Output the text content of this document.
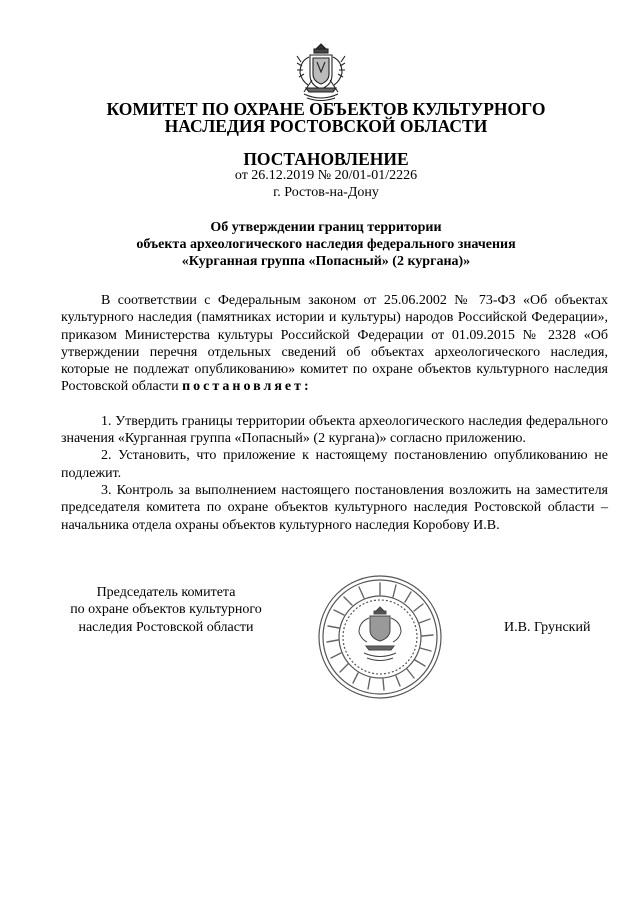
КОМИТЕТ ПО ОХРАНЕ ОБЪЕКТОВ КУЛЬТУРНОГО
НАСЛЕДИЯ РОСТОВСКОЙ ОБЛАСТИ
ПОСТАНОВЛЕНИЕ
от 26.12.2019 № 20/01-01/2226
г. Ростов-на-Дону
Об утверждении границ территории
объекта археологического наследия федерального значения
«Курганная группа «Попасный» (2 кургана)»

В соответствии с Федеральным законом от 25.06.2002 № 73-ФЗ «Об объектах культурного наследия (памятниках истории и культуры) народов Российской Федерации», приказом Министерства культуры Российской Федерации от 01.09.2015 № 2328 «Об утверждении перечня отдельных сведений об объектах археологического наследия, которые не подлежат опубликованию» комитет по охране объектов культурного наследия Ростовской области постановляет:

1. Утвердить границы территории объекта археологического наследия федерального значения «Курганная группа «Попасный» (2 кургана)» согласно приложению.

2. Установить, что приложение к настоящему постановлению опубликованию не подлежит.

3. Контроль за выполнением настоящего постановления возложить на заместителя председателя комитета по охране объектов культурного наследия Ростовской области – начальника отдела охраны объектов культурного наследия Коробову И.В.

Председатель комитета
по охране объектов культурного
наследия Ростовской области	И.В. Грунский
